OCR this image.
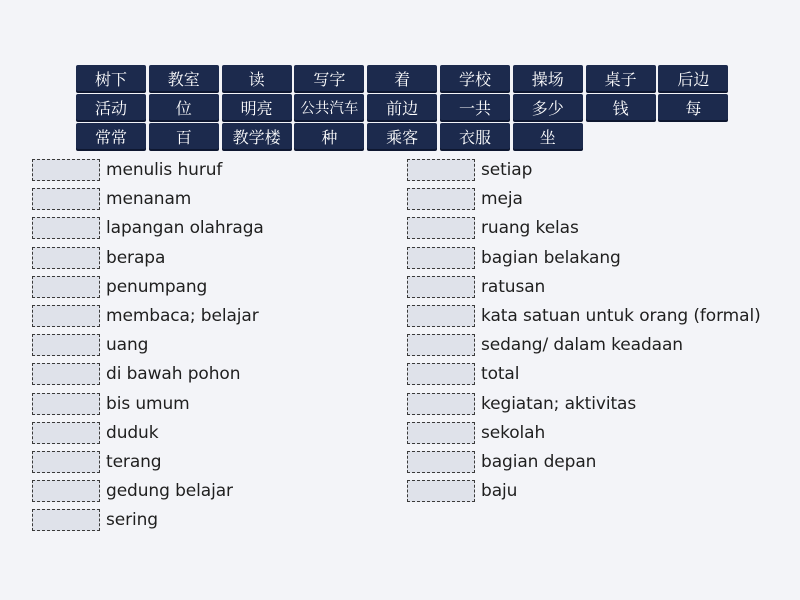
树下	教室	读	写字	着	学校	操场	桌子	后边
活动	位	明亮	公共汽车	前边	一共	多少	钱	每
常常	百	教学楼	种	乘客	衣服	坐
menulis huruf
menanam
lapangan olahraga
berapa
penumpang
membaca; belajar
uang
di bawah pohon
bis umum
duduk
terang
gedung belajar
sering
setiap
meja
ruang kelas
bagian belakang
ratusan
kata satuan untuk orang (formal)
sedang/ dalam keadaan
total
kegiatan; aktivitas
sekolah
bagian depan
baju
